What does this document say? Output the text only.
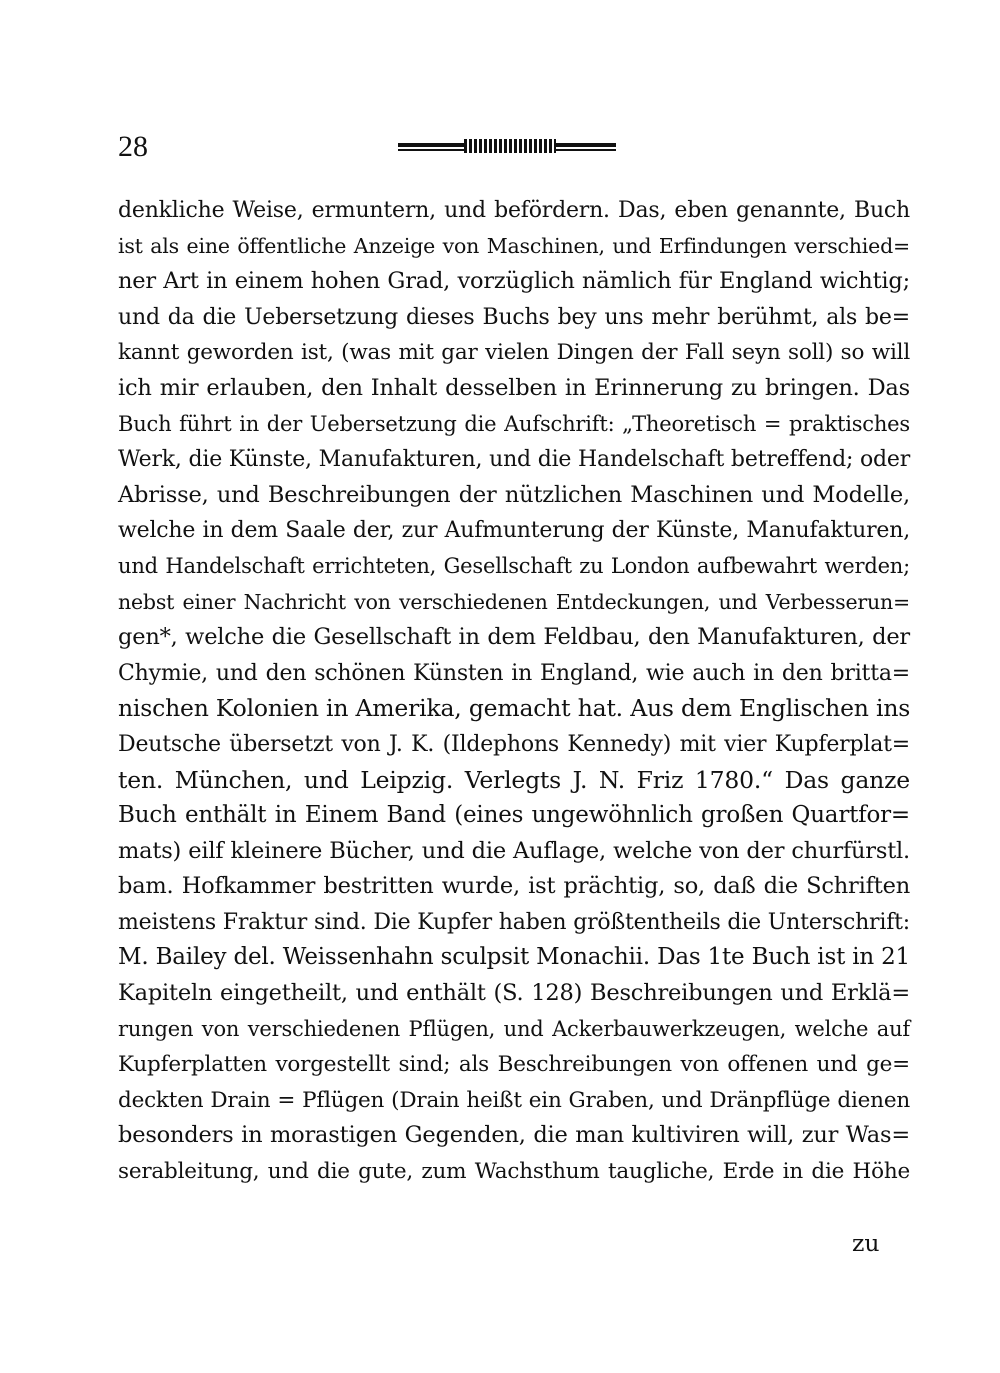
28
denkliche Weise, ermuntern, und befördern. Das, eben genannte, Buch
ist als eine öffentliche Anzeige von Maschinen, und Erfindungen verschied=
ner Art in einem hohen Grad, vorzüglich nämlich für England wichtig;
und da die Uebersetzung dieses Buchs bey uns mehr berühmt, als be=
kannt geworden ist, (was mit gar vielen Dingen der Fall seyn soll) so will
ich mir erlauben, den Inhalt desselben in Erinnerung zu bringen. Das
Buch führt in der Uebersetzung die Aufschrift: „Theoretisch = praktisches
Werk, die Künste, Manufakturen, und die Handelschaft betreffend; oder
Abrisse, und Beschreibungen der nützlichen Maschinen und Modelle,
welche in dem Saale der, zur Aufmunterung der Künste, Manufakturen,
und Handelschaft errichteten, Gesellschaft zu London aufbewahrt werden;
nebst einer Nachricht von verschiedenen Entdeckungen, und Verbesserun=
gen*, welche die Gesellschaft in dem Feldbau, den Manufakturen, der
Chymie, und den schönen Künsten in England, wie auch in den britta=
nischen Kolonien in Amerika, gemacht hat. Aus dem Englischen ins
Deutsche übersetzt von J. K. (Ildephons Kennedy) mit vier Kupferplat=
ten. München, und Leipzig. Verlegts J. N. Friz 1780.“ Das ganze
Buch enthält in Einem Band (eines ungewöhnlich großen Quartfor=
mats) eilf kleinere Bücher, und die Auflage, welche von der churfürstl.
bam. Hofkammer bestritten wurde, ist prächtig, so, daß die Schriften
meistens Fraktur sind. Die Kupfer haben größtentheils die Unterschrift:
M. Bailey del. Weissenhahn sculpsit Monachii. Das 1te Buch ist in 21
Kapiteln eingetheilt, und enthält (S. 128) Beschreibungen und Erklä=
rungen von verschiedenen Pflügen, und Ackerbauwerkzeugen, welche auf
Kupferplatten vorgestellt sind; als Beschreibungen von offenen und ge=
deckten Drain = Pflügen (Drain heißt ein Graben, und Dränpflüge dienen
besonders in morastigen Gegenden, die man kultiviren will, zur Was=
serableitung, und die gute, zum Wachsthum taugliche, Erde in die Höhe
zu
